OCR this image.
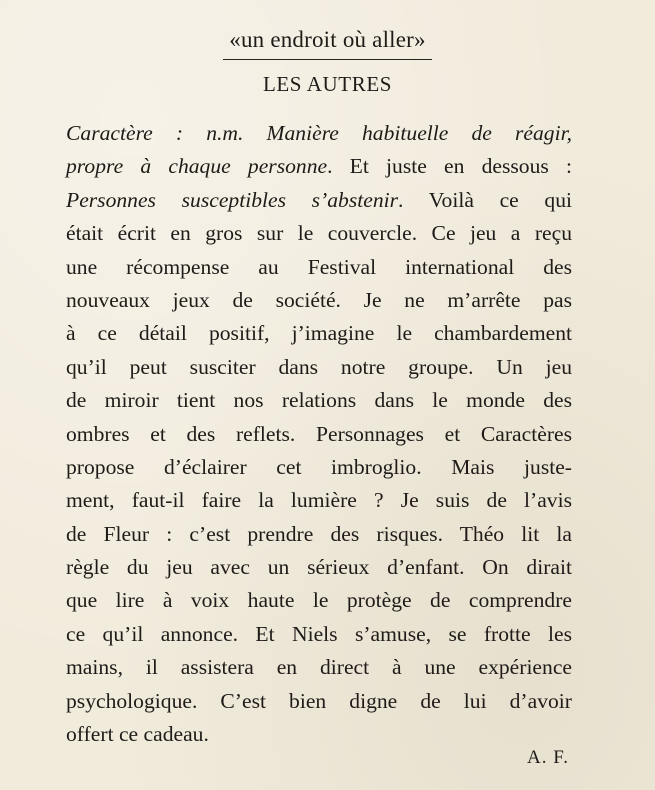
«un endroit où aller»
LES AUTRES
Caractère : n.m. Manière habituelle de réagir,
propre à chaque personne. Et juste en dessous :
Personnes susceptibles s’abstenir. Voilà ce qui
était écrit en gros sur le couvercle. Ce jeu a reçu
une récompense au Festival international des
nouveaux jeux de société. Je ne m’arrête pas
à ce détail positif, j’imagine le chambardement
qu’il peut susciter dans notre groupe. Un jeu
de miroir tient nos relations dans le monde des
ombres et des reflets. Personnages et Caractères
propose d’éclairer cet imbroglio. Mais juste-
ment, faut-il faire la lumière ? Je suis de l’avis
de Fleur : c’est prendre des risques. Théo lit la
règle du jeu avec un sérieux d’enfant. On dirait
que lire à voix haute le protège de comprendre
ce qu’il annonce. Et Niels s’amuse, se frotte les
mains, il assistera en direct à une expérience
psychologique. C’est bien digne de lui d’avoir
offert ce cadeau.
A. F.
